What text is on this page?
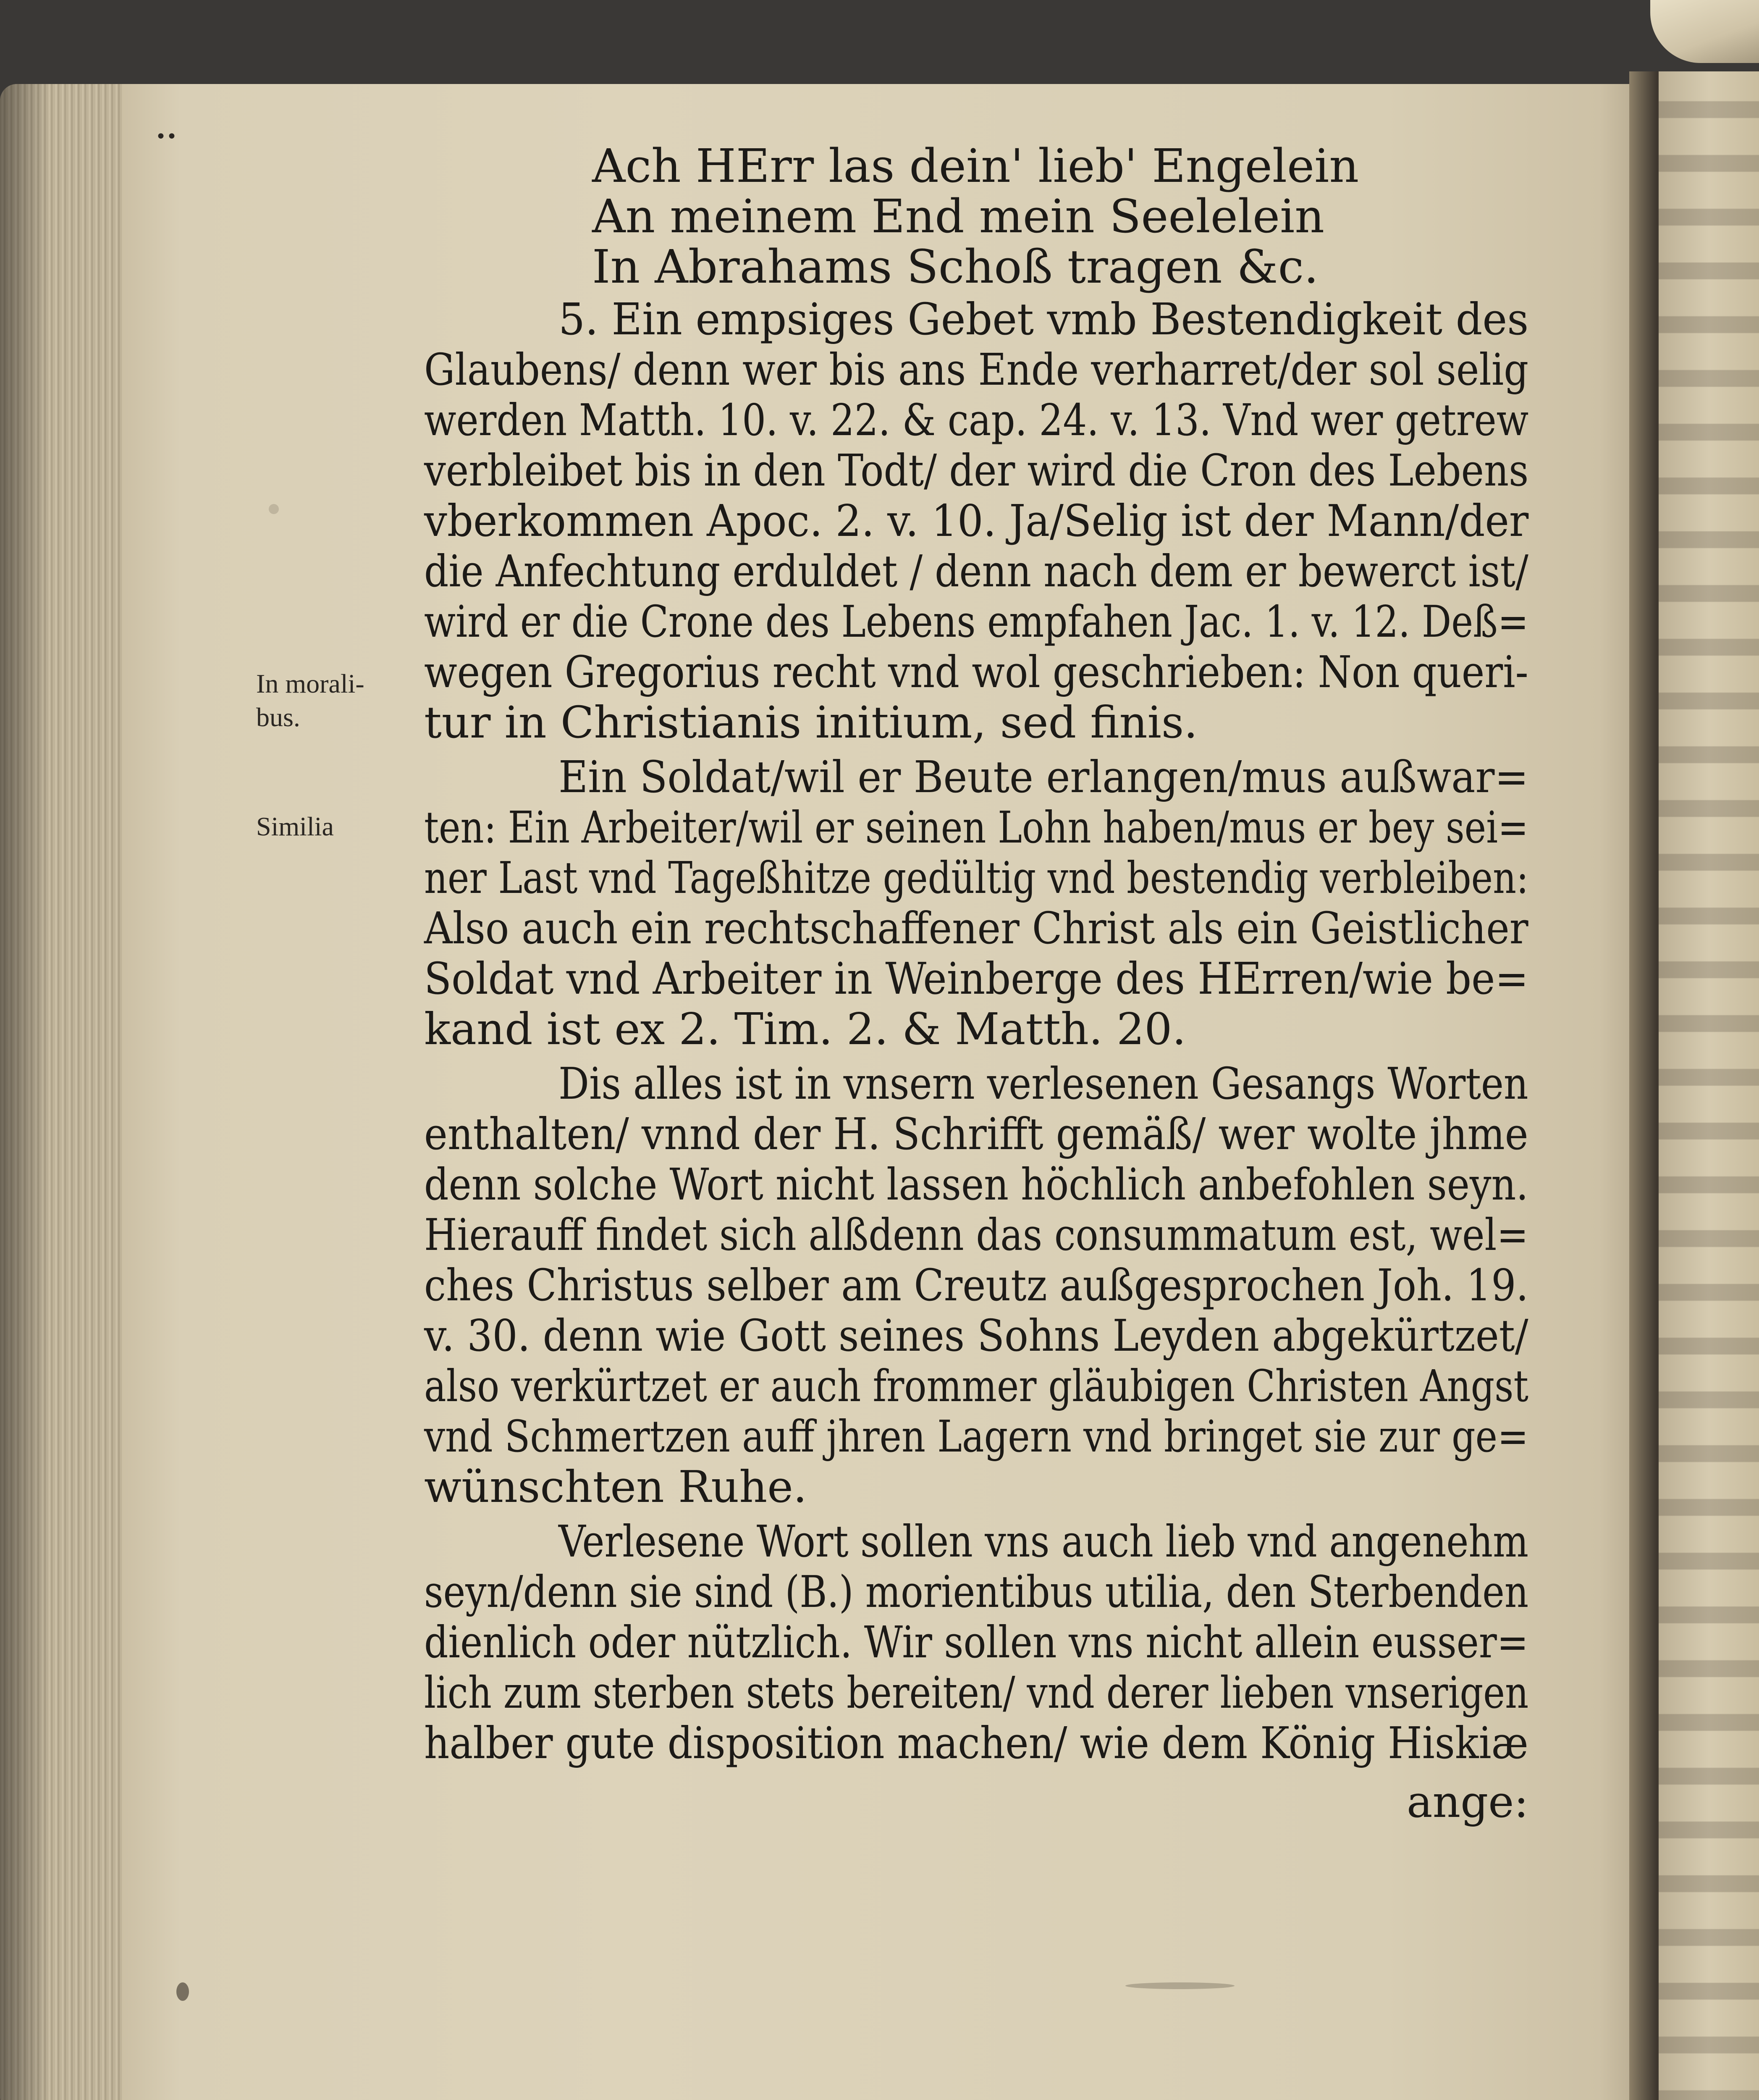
••
Ach HErr las dein' lieb' Engelein
An meinem End mein Seelelein
In Abrahams Schoß tragen &c.
5. Ein empsiges Gebet vmb Bestendigkeit des
Glaubens/ denn wer bis ans Ende verharret/der sol selig
werden Matth. 10. v. 22. & cap. 24. v. 13. Vnd wer getrew
verbleibet bis in den Todt/ der wird die Cron des Lebens
vberkommen Apoc. 2. v. 10. Ja/Selig ist der Mann/der
die Anfechtung erduldet / denn nach dem er bewerct ist/
wird er die Crone des Lebens empfahen Jac. 1. v. 12. Deß=
wegen Gregorius recht vnd wol geschrieben: Non queri-
tur in Christianis initium, sed finis.
Ein Soldat/wil er Beute erlangen/mus außwar=
ten: Ein Arbeiter/wil er seinen Lohn haben/mus er bey sei=
ner Last vnd Tageßhitze gedültig vnd bestendig verbleiben:
Also auch ein rechtschaffener Christ als ein Geistlicher
Soldat vnd Arbeiter in Weinberge des HErren/wie be=
kand ist ex 2. Tim. 2. & Matth. 20.
Dis alles ist in vnsern verlesenen Gesangs Worten
enthalten/ vnnd der H. Schrifft gemäß/ wer wolte jhme
denn solche Wort nicht lassen höchlich anbefohlen seyn.
Hierauff findet sich alßdenn das consummatum est, wel=
ches Christus selber am Creutz außgesprochen Joh. 19.
v. 30. denn wie Gott seines Sohns Leyden abgekürtzet/
also verkürtzet er auch frommer gläubigen Christen Angst
vnd Schmertzen auff jhren Lagern vnd bringet sie zur ge=
wünschten Ruhe.
Verlesene Wort sollen vns auch lieb vnd angenehm
seyn/denn sie sind (B.) morientibus utilia, den Sterbenden
dienlich oder nützlich. Wir sollen vns nicht allein eusser=
lich zum sterben stets bereiten/ vnd derer lieben vnserigen
halber gute disposition machen/ wie dem König Hiskiæ
ange:
In morali-
bus.
Similia
